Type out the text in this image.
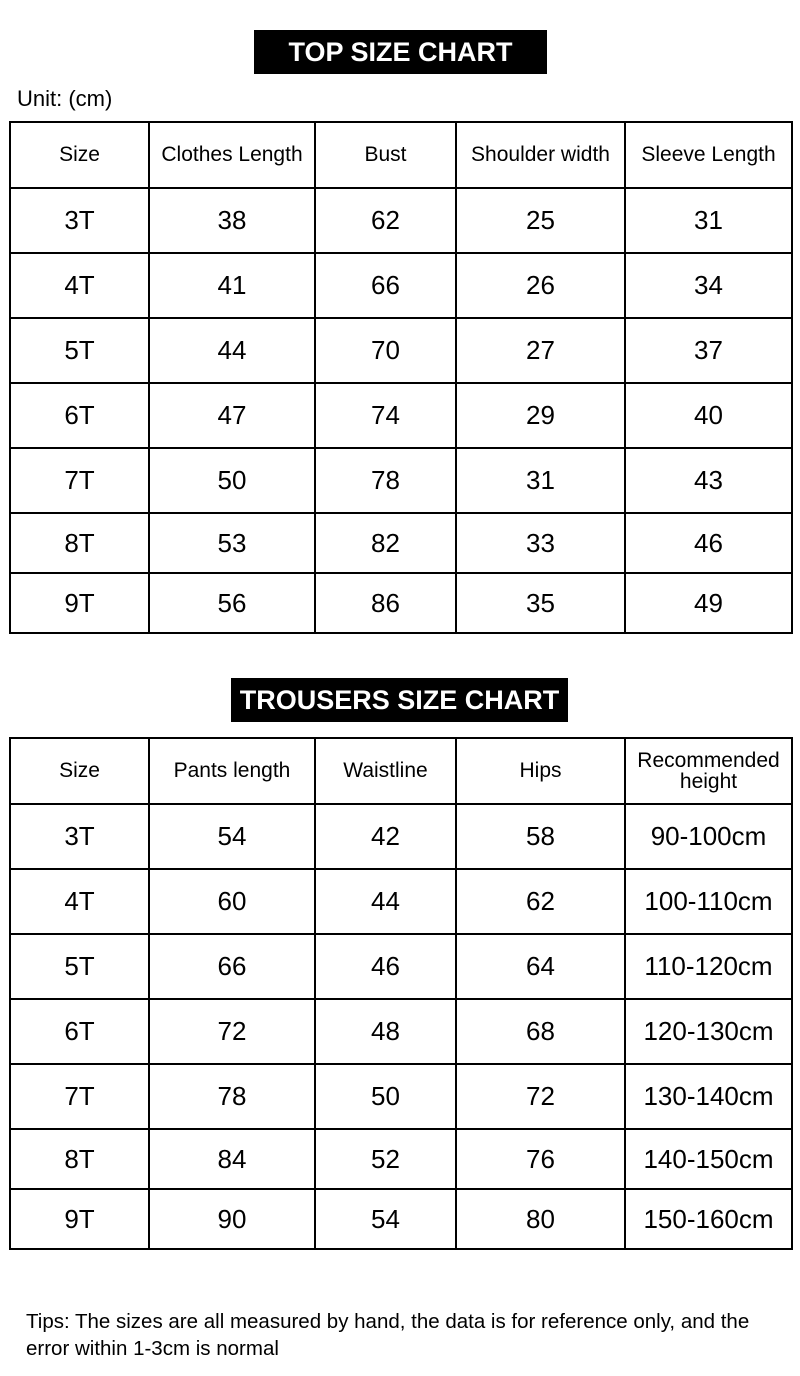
TOP SIZE CHART
Unit: (cm)
Size	Clothes Length	Bust	Shoulder width	Sleeve Length
3T	38	62	25	31
4T	41	66	26	34
5T	44	70	27	37
6T	47	74	29	40
7T	50	78	31	43
8T	53	82	33	46
9T	56	86	35	49
TROUSERS SIZE CHART
Size	Pants length	Waistline	Hips	Recommended height
3T	54	42	58	90-100cm
4T	60	44	62	100-110cm
5T	66	46	64	110-120cm
6T	72	48	68	120-130cm
7T	78	50	72	130-140cm
8T	84	52	76	140-150cm
9T	90	54	80	150-160cm
Tips: The sizes are all measured by hand, the data is for reference only, and the error within 1-3cm is normal
